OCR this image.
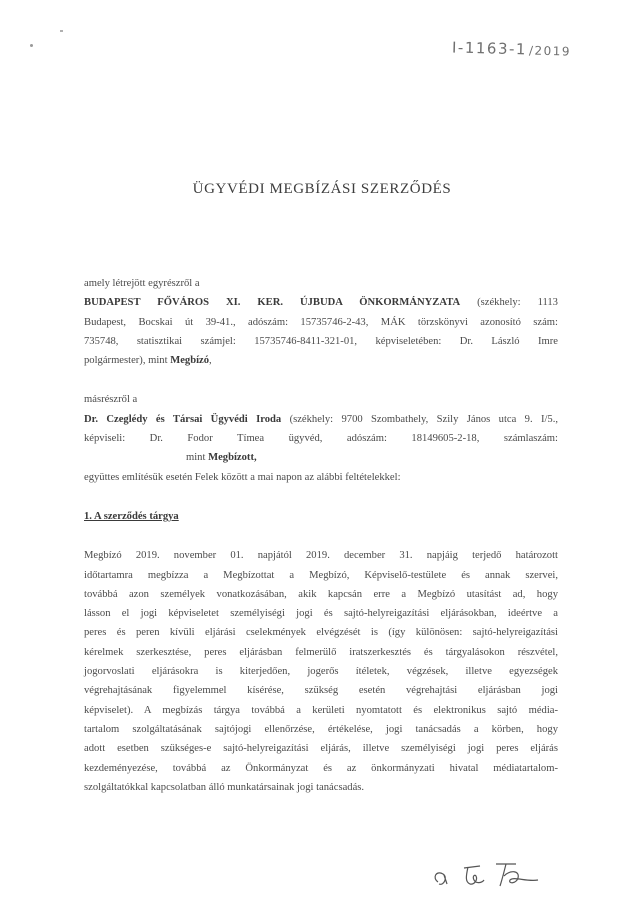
I-1163-1 /2019
ÜGYVÉDI MEGBÍZÁSI SZERZŐDÉS

amely létrejött egyrészről a

BUDAPEST FŐVÁROS XI. KER. ÚJBUDA ÖNKORMÁNYZATA (székhely: 1113

Budapest, Bocskai út 39-41., adószám: 15735746-2-43, MÁK törzskönyvi azonosító szám:

735748, statisztikai számjel: 15735746-8411-321-01, képviseletében: Dr. László Imre

polgármester), mint Megbízó,

másrészről a

Dr. Czeglédy és Társai Ügyvédi Iroda (székhely: 9700 Szombathely, Szily János utca 9. I/5.,

képviseli: Dr. Fodor Tímea ügyvéd, adószám: 18149605-2-18, számlaszám:

mint Megbízott,

együttes említésük esetén Felek között a mai napon az alábbi feltételekkel:

1. A szerződés tárgya

Megbízó 2019. november 01. napjától 2019. december 31. napjáig terjedő határozott

időtartamra megbízza a Megbízottat a Megbízó, Képviselő-testülete és annak szervei,

továbbá azon személyek vonatkozásában, akik kapcsán erre a Megbízó utasítást ad, hogy

lásson el jogi képviseletet személyiségi jogi és sajtó-helyreigazítási eljárásokban, ideértve a

peres és peren kívüli eljárási cselekmények elvégzését is (így különösen: sajtó-helyreigazítási

kérelmek szerkesztése, peres eljárásban felmerülő iratszerkesztés és tárgyalásokon részvétel,

jogorvoslati eljárásokra is kiterjedően, jogerős ítéletek, végzések, illetve egyezségek

végrehajtásának figyelemmel kísérése, szükség esetén végrehajtási eljárásban jogi

képviselet). A megbízás tárgya továbbá a kerületi nyomtatott és elektronikus sajtó média-

tartalom szolgáltatásának sajtójogi ellenőrzése, értékelése, jogi tanácsadás a körben, hogy

adott esetben szükséges-e sajtó-helyreigazítási eljárás, illetve személyiségi jogi peres eljárás

kezdeményezése, továbbá az Önkormányzat és az önkormányzati hivatal médiatartalom-

szolgáltatókkal kapcsolatban álló munkatársainak jogi tanácsadás.
